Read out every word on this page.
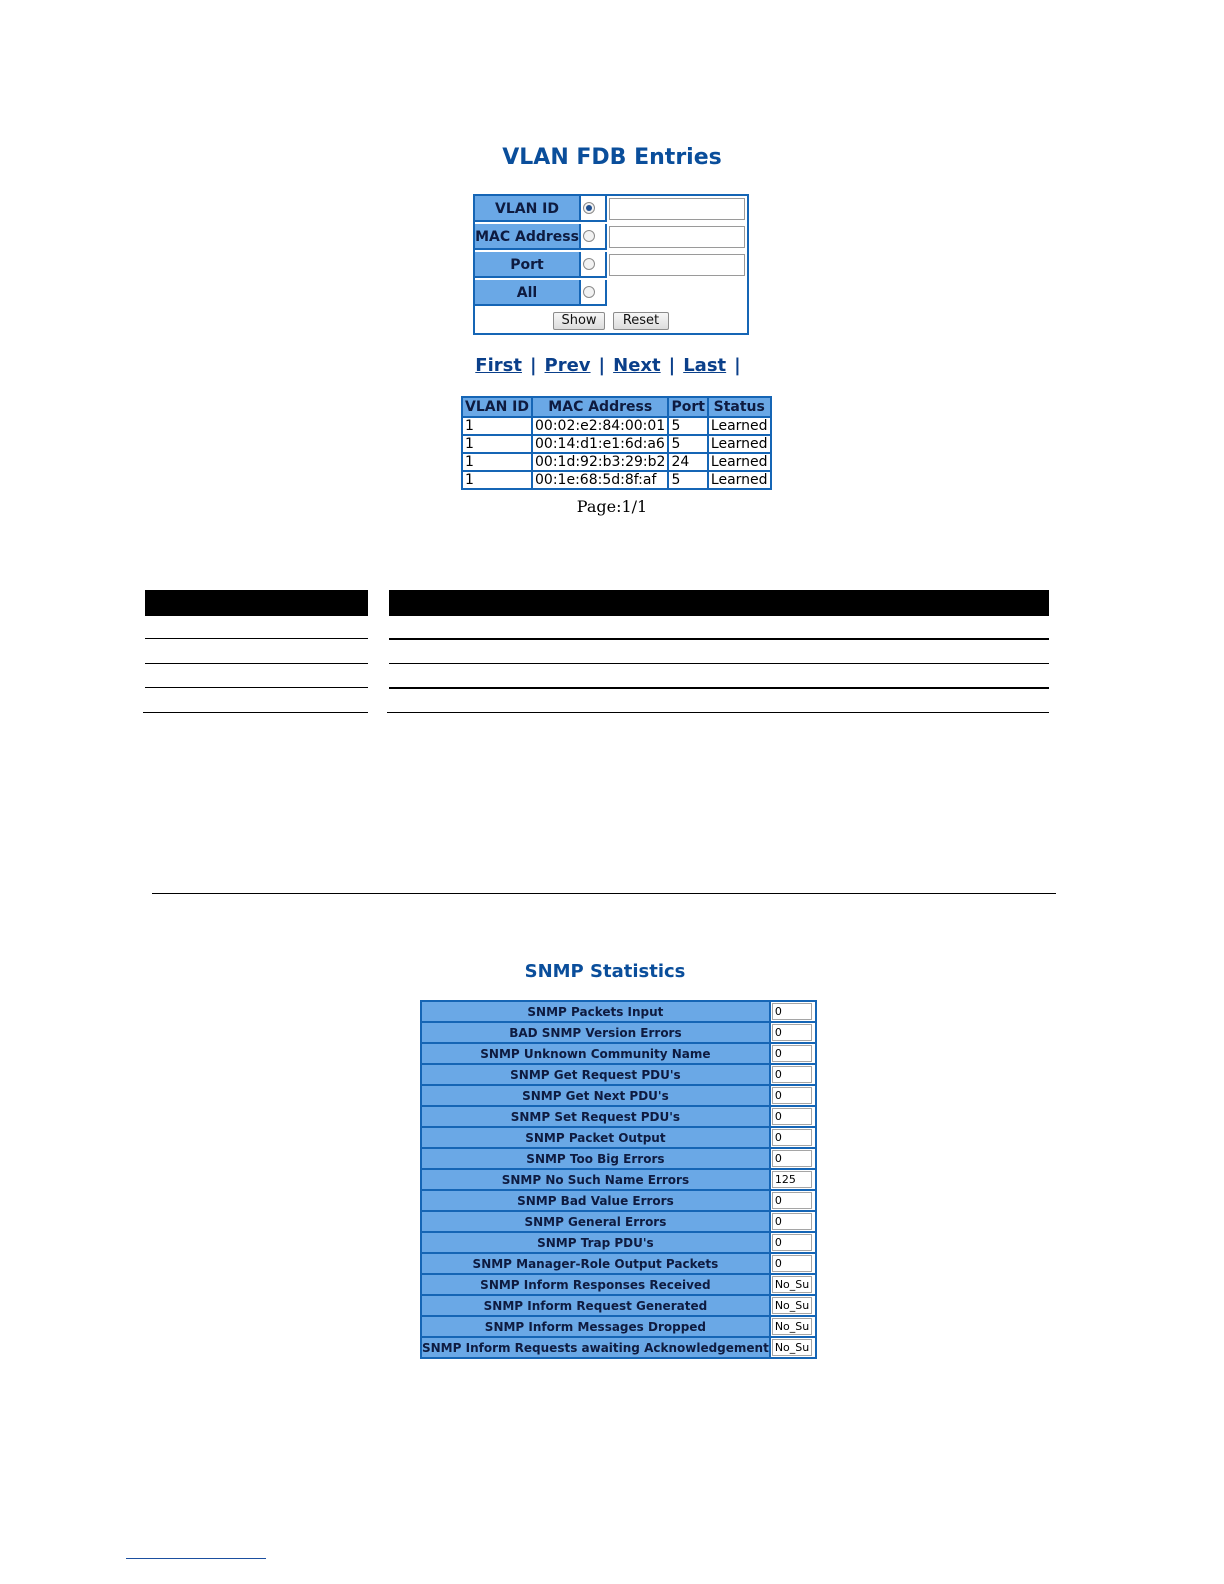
VLAN FDB Entries
VLAN ID
MAC Address
Port
All
Show	Reset
First | Prev | Next | Last |
VLAN ID	MAC Address	Port	Status
1	00:02:e2:84:00:01	5	Learned
1	00:14:d1:e1:6d:a6	5	Learned
1	00:1d:92:b3:29:b2	24	Learned
1	00:1e:68:5d:8f:af	5	Learned
Page:1/1
SNMP Statistics
SNMP Packets Input	0

BAD SNMP Version Errors	0

SNMP Unknown Community Name	0

SNMP Get Request PDU's	0

SNMP Get Next PDU's	0

SNMP Set Request PDU's	0

SNMP Packet Output	0

SNMP Too Big Errors	0

SNMP No Such Name Errors	125

SNMP Bad Value Errors	0

SNMP General Errors	0

SNMP Trap PDU's	0

SNMP Manager-Role Output Packets	0

SNMP Inform Responses Received	No_Su

SNMP Inform Request Generated	No_Su

SNMP Inform Messages Dropped	No_Su

SNMP Inform Requests awaiting Acknowledgement	No_Su
